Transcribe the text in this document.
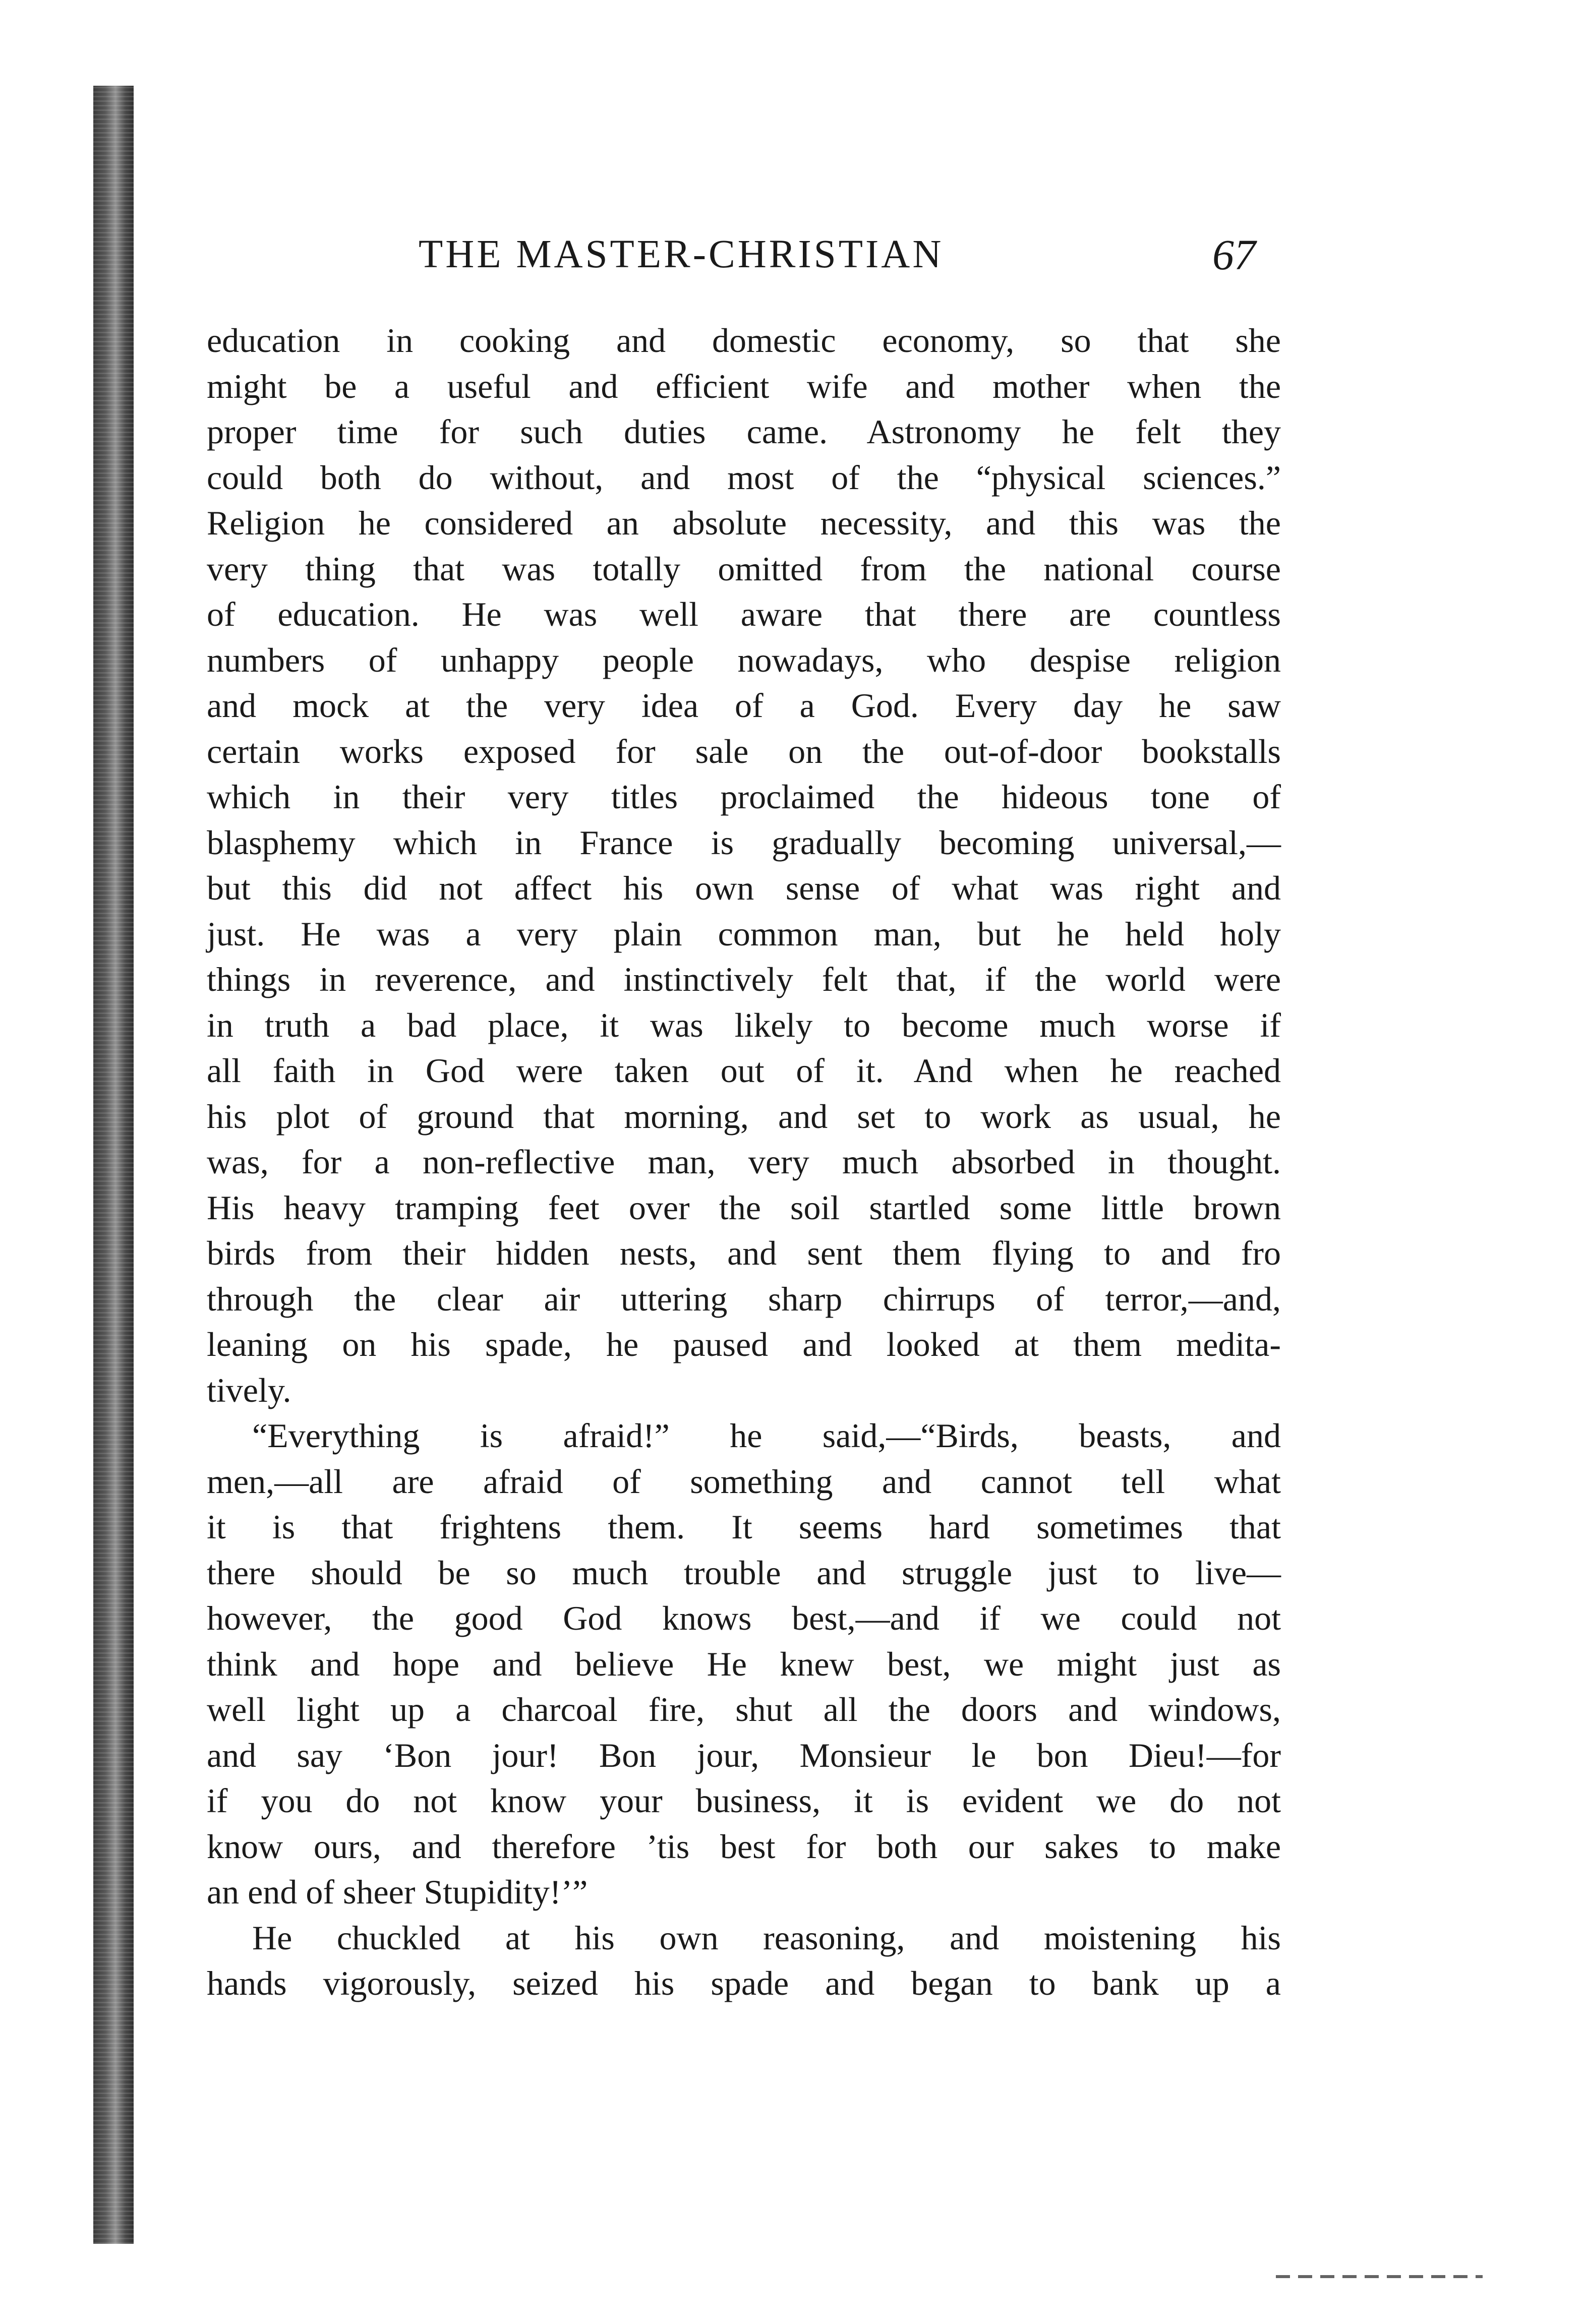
THE MASTER-CHRISTIAN	67
education in cooking and domestic economy, so that she
might be a useful and efficient wife and mother when the
proper time for such duties came. Astronomy he felt they
could both do without, and most of the “physical sciences.”
Religion he considered an absolute necessity, and this was the
very thing that was totally omitted from the national course
of education. He was well aware that there are countless
numbers of unhappy people nowadays, who despise religion
and mock at the very idea of a God. Every day he saw
certain works exposed for sale on the out-of-door bookstalls
which in their very titles proclaimed the hideous tone of
blasphemy which in France is gradually becoming universal,—
but this did not affect his own sense of what was right and
just. He was a very plain common man, but he held holy
things in reverence, and instinctively felt that, if the world were
in truth a bad place, it was likely to become much worse if
all faith in God were taken out of it. And when he reached
his plot of ground that morning, and set to work as usual, he
was, for a non-reflective man, very much absorbed in thought.
His heavy tramping feet over the soil startled some little brown
birds from their hidden nests, and sent them flying to and fro
through the clear air uttering sharp chirrups of terror,—and,
leaning on his spade, he paused and looked at them medita-
tively.
“Everything is afraid!” he said,—“Birds, beasts, and
men,—all are afraid of something and cannot tell what
it is that frightens them. It seems hard sometimes that
there should be so much trouble and struggle just to live—
however, the good God knows best,—and if we could not
think and hope and believe He knew best, we might just as
well light up a charcoal fire, shut all the doors and windows,
and say ‘Bon jour! Bon jour, Monsieur le bon Dieu!—for
if you do not know your business, it is evident we do not
know ours, and therefore ’tis best for both our sakes to make
an end of sheer Stupidity!’”
He chuckled at his own reasoning, and moistening his
hands vigorously, seized his spade and began to bank up a
